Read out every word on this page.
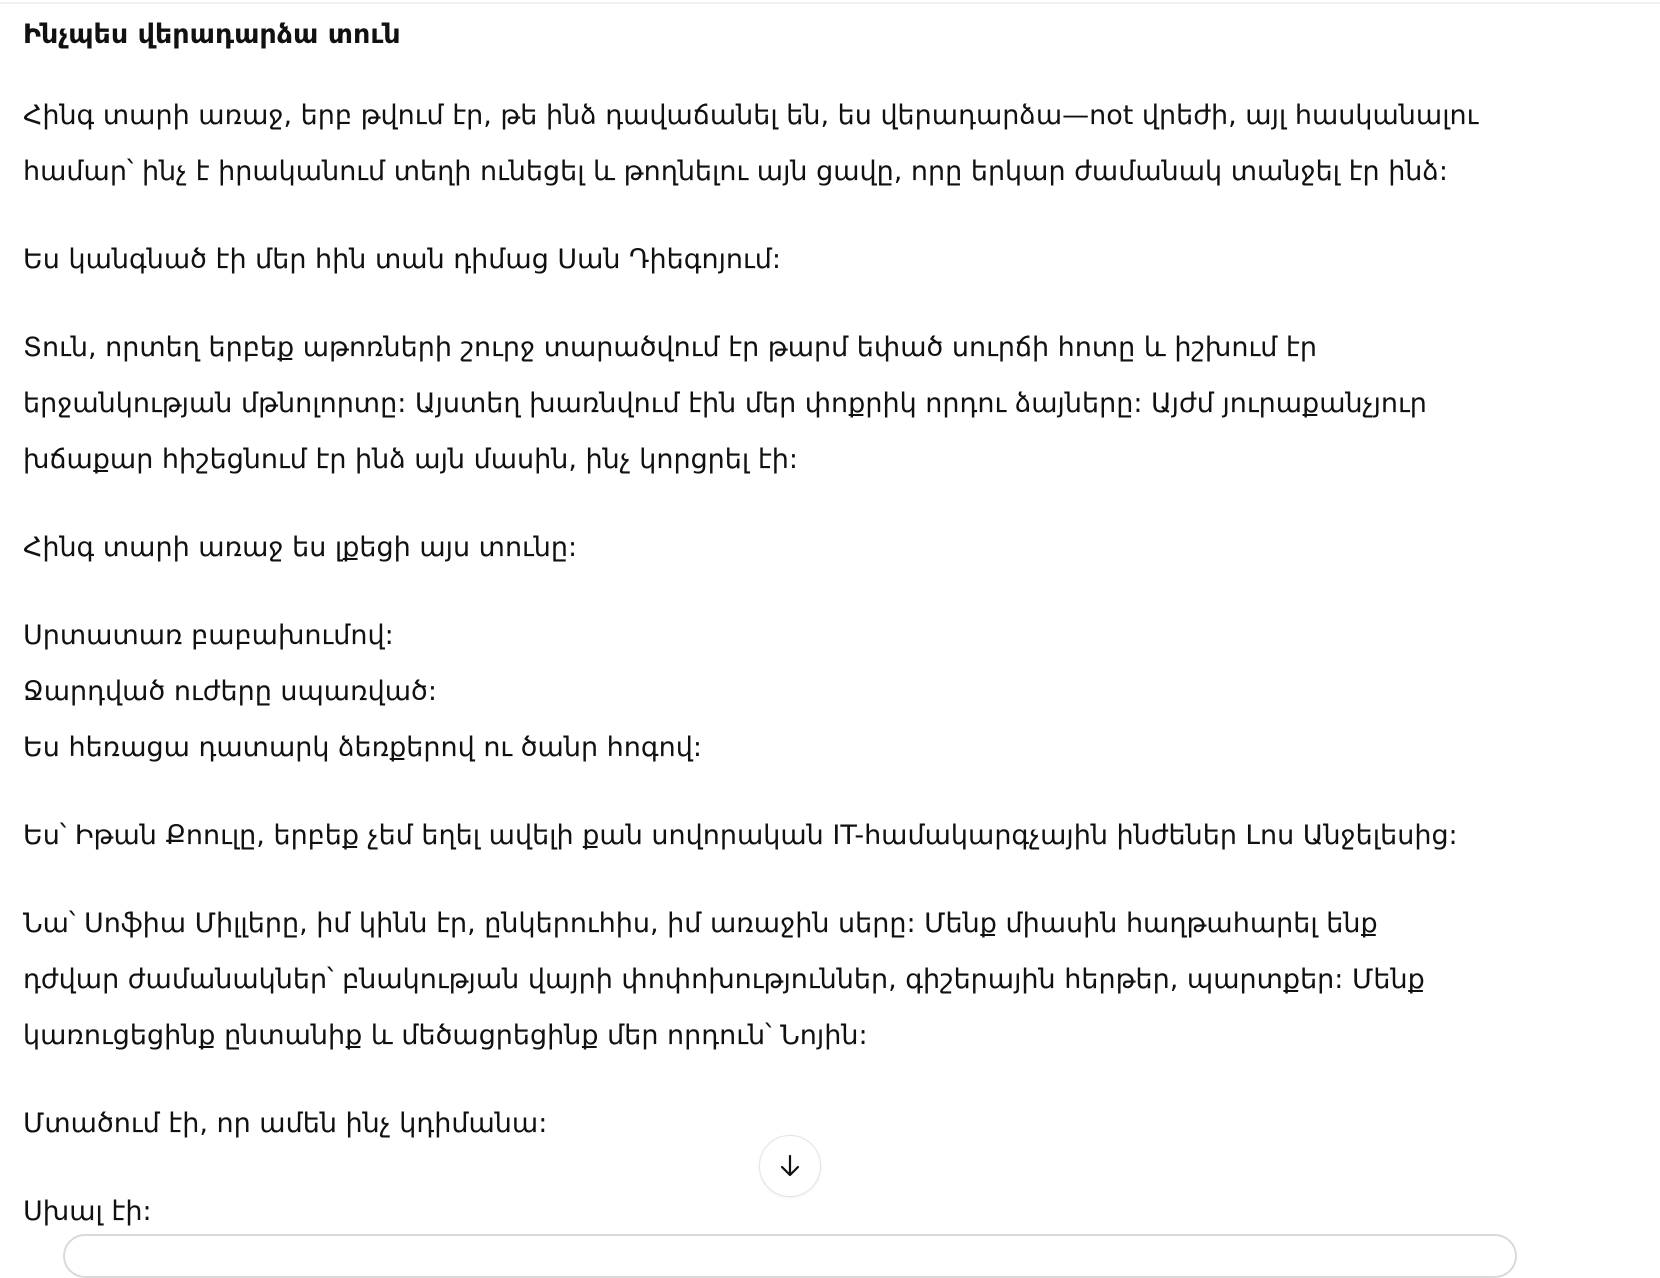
Ինչպես վերադարձա տուն
Հինգ տարի առաջ, երբ թվում էր, թե ինձ դավաճանել են, ես վերադարձա—not վրեժի, այլ հասկանալու
համար՝ ինչ է իրականում տեղի ունեցել և թողնելու այն ցավը, որը երկար ժամանակ տանջել էր ինձ:
Ես կանգնած էի մեր հին տան դիմաց Սան Դիեգոյում:
Տուն, որտեղ երբեք աթոռների շուրջ տարածվում էր թարմ եփած սուրճի հոտը և իշխում էր
երջանկության մթնոլորտը: Այստեղ խառնվում էին մեր փոքրիկ որդու ձայները: Այժմ յուրաքանչյուր
խճաքար հիշեցնում էր ինձ այն մասին, ինչ կորցրել էի:
Հինգ տարի առաջ ես լքեցի այս տունը:
Սրտատառ բաբախումով:
Ջարդված ուժերը սպառված:
Ես հեռացա դատարկ ձեռքերով ու ծանր հոգով:
Ես՝ Իթան Քոուլը, երբեք չեմ եղել ավելի քան սովորական IT-համակարգչային ինժեներ Լոս Անջելեսից:
Նա՝ Սոֆիա Միլլերը, իմ կինն էր, ընկերուհիս, իմ առաջին սերը: Մենք միասին հաղթահարել ենք
դժվար ժամանակներ՝ բնակության վայրի փոփոխություններ, գիշերային հերթեր, պարտքեր: Մենք
կառուցեցինք ընտանիք և մեծացրեցինք մեր որդուն՝ Նոյին:
Մտածում էի, որ ամեն ինչ կդիմանա:
Սխալ էի:
